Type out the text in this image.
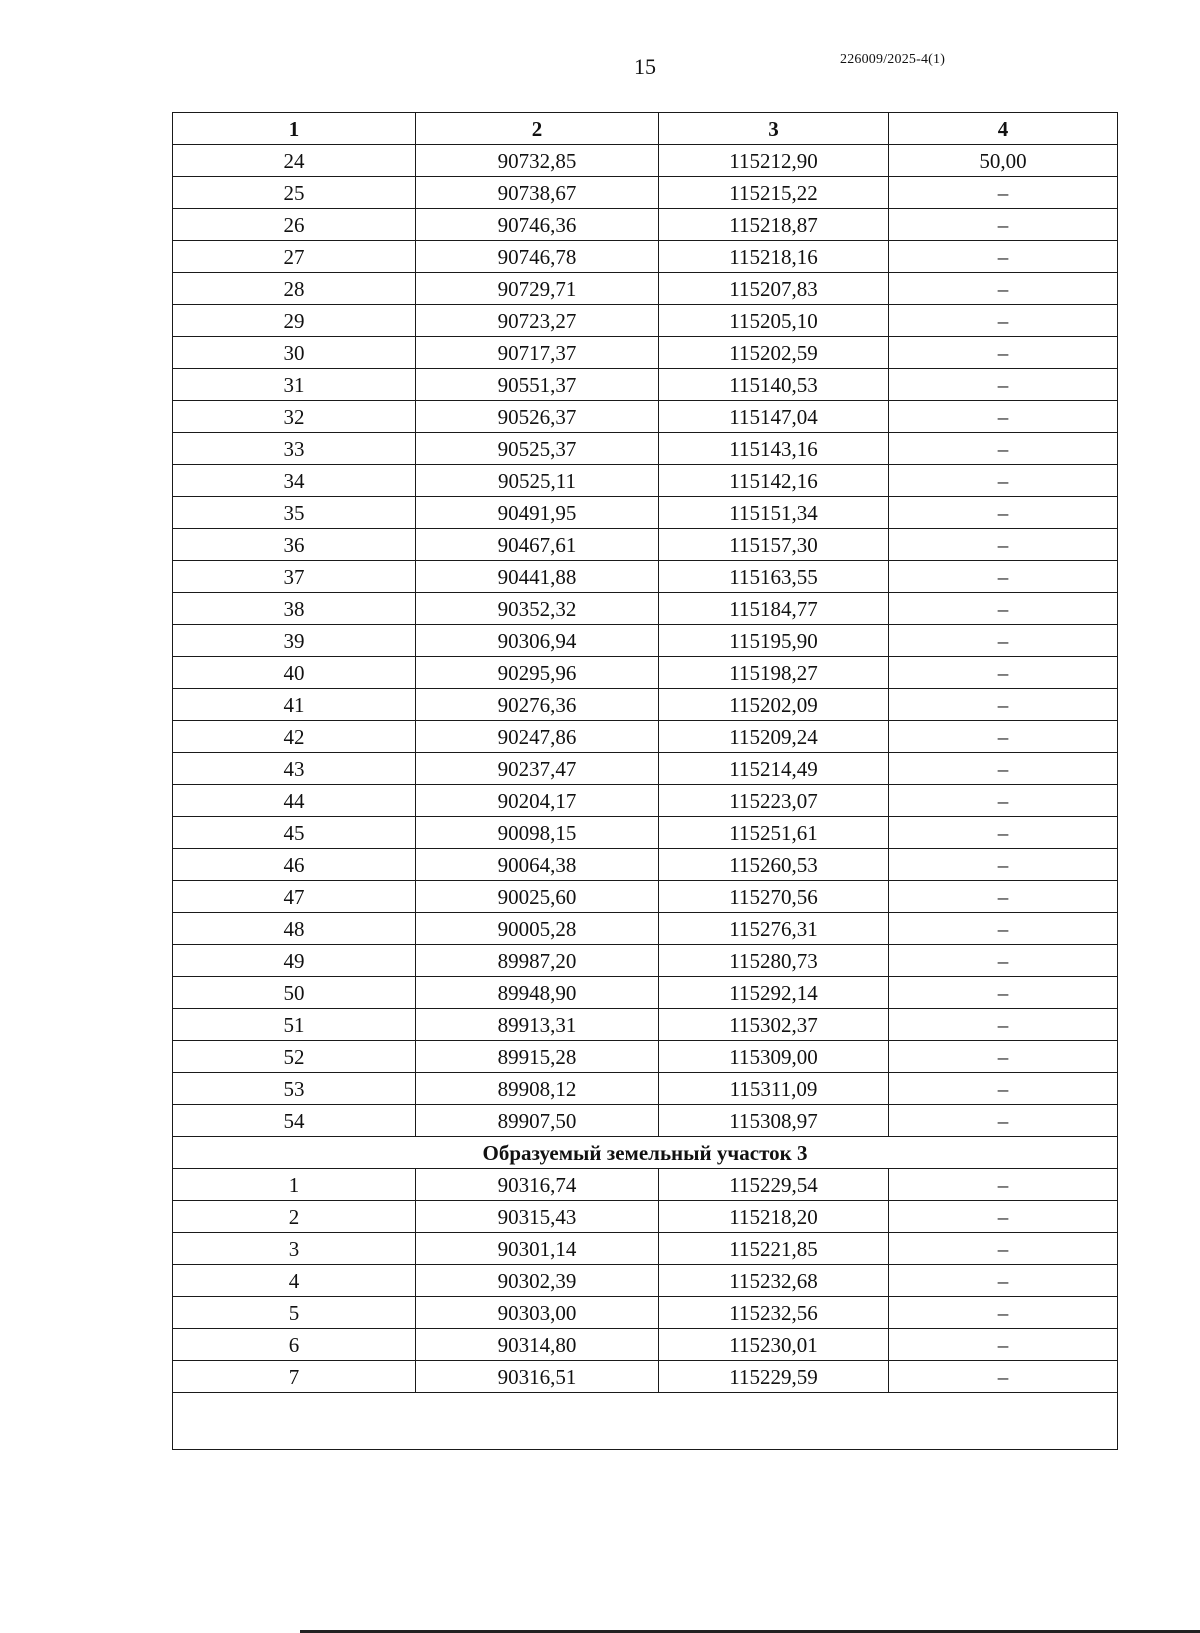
15	226009/2025-4(1)
1	2	3	4
24	90732,85	115212,90	50,00
25	90738,67	115215,22	–
26	90746,36	115218,87	–
27	90746,78	115218,16	–
28	90729,71	115207,83	–
29	90723,27	115205,10	–
30	90717,37	115202,59	–
31	90551,37	115140,53	–
32	90526,37	115147,04	–
33	90525,37	115143,16	–
34	90525,11	115142,16	–
35	90491,95	115151,34	–
36	90467,61	115157,30	–
37	90441,88	115163,55	–
38	90352,32	115184,77	–
39	90306,94	115195,90	–
40	90295,96	115198,27	–
41	90276,36	115202,09	–
42	90247,86	115209,24	–
43	90237,47	115214,49	–
44	90204,17	115223,07	–
45	90098,15	115251,61	–
46	90064,38	115260,53	–
47	90025,60	115270,56	–
48	90005,28	115276,31	–
49	89987,20	115280,73	–
50	89948,90	115292,14	–
51	89913,31	115302,37	–
52	89915,28	115309,00	–
53	89908,12	115311,09	–
54	89907,50	115308,97	–
Образуемый земельный участок 3			
1	90316,74	115229,54	–
2	90315,43	115218,20	–
3	90301,14	115221,85	–
4	90302,39	115232,68	–
5	90303,00	115232,56	–
6	90314,80	115230,01	–
7	90316,51	115229,59	–
